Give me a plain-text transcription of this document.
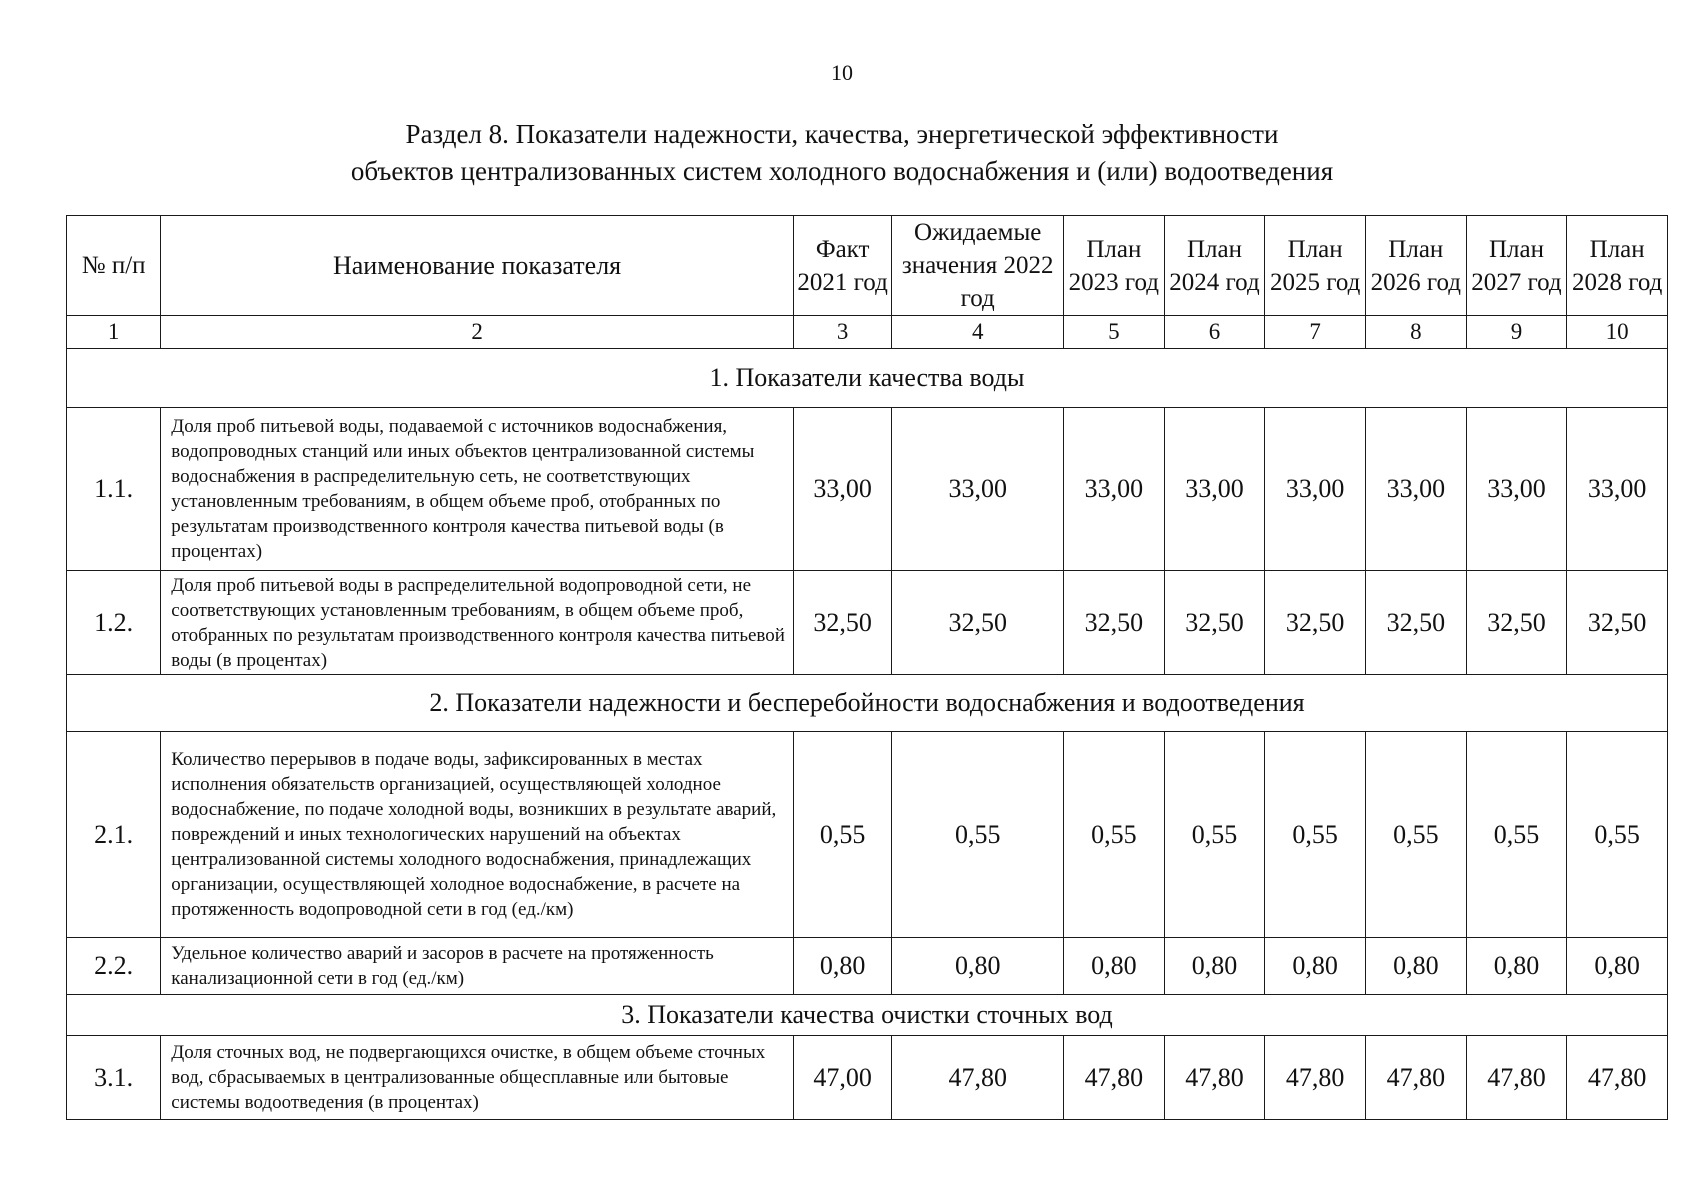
10
Раздел 8. Показатели надежности, качества, энергетической эффективности
объектов централизованных систем холодного водоснабжения и (или) водоотведения
№ п/п	Наименование показателя	Факт 2021 год	Ожидаемые значения 2022 год	План 2023 год	План 2024 год	План 2025 год	План 2026 год	План 2027 год	План 2028 год
1	2	3	4	5	6	7	8	9	10
1. Показатели качества воды									
1.1.	Доля проб питьевой воды, подаваемой с источников водоснабжения, водопроводных станций или иных объектов централизованной системы водоснабжения в распределительную сеть, не соответствующих установленным требованиям, в общем объеме проб, отобранных по результатам производственного контроля качества питьевой воды (в процентах)	33,00	33,00	33,00	33,00	33,00	33,00	33,00	33,00
1.2.	Доля проб питьевой воды в распределительной водопроводной сети, не соответствующих установленным требованиям, в общем объеме проб, отобранных по результатам производственного контроля качества питьевой воды (в процентах)	32,50	32,50	32,50	32,50	32,50	32,50	32,50	32,50
2. Показатели надежности и бесперебойности водоснабжения и водоотведения									
2.1.	Количество перерывов в подаче воды, зафиксированных в местах исполнения обязательств организацией, осуществляющей холодное водоснабжение, по подаче холодной воды, возникших в результате аварий, повреждений и иных технологических нарушений на объектах централизованной системы холодного водоснабжения, принадлежащих организации, осуществляющей холодное водоснабжение, в расчете на протяженность водопроводной сети в год (ед./км)	0,55	0,55	0,55	0,55	0,55	0,55	0,55	0,55
2.2.	Удельное количество аварий и засоров в расчете на протяженность канализационной сети в год (ед./км)	0,80	0,80	0,80	0,80	0,80	0,80	0,80	0,80
3. Показатели качества очистки сточных вод									
3.1.	Доля сточных вод, не подвергающихся очистке, в общем объеме сточных вод, сбрасываемых в централизованные общесплавные или бытовые системы водоотведения (в процентах)	47,00	47,80	47,80	47,80	47,80	47,80	47,80	47,80
